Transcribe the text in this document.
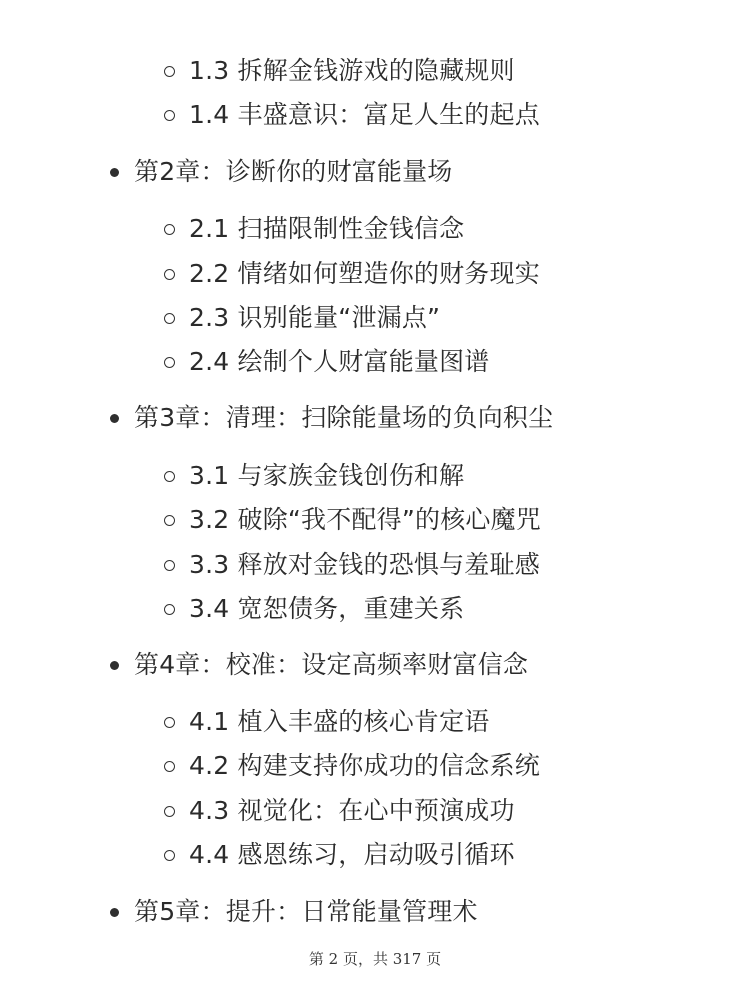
1.3 拆解金钱游戏的隐藏规则
1.4 丰盛意识：富足人生的起点
第2章：诊断你的财富能量场
2.1 扫描限制性金钱信念
2.2 情绪如何塑造你的财务现实
2.3 识别能量“泄漏点”
2.4 绘制个人财富能量图谱
第3章：清理：扫除能量场的负向积尘
3.1 与家族金钱创伤和解
3.2 破除“我不配得”的核心魔咒
3.3 释放对金钱的恐惧与羞耻感
3.4 宽恕债务，重建关系
第4章：校准：设定高频率财富信念
4.1 植入丰盛的核心肯定语
4.2 构建支持你成功的信念系统
4.3 视觉化：在心中预演成功
4.4 感恩练习，启动吸引循环
第5章：提升：日常能量管理术
第 2 页，共 317 页
